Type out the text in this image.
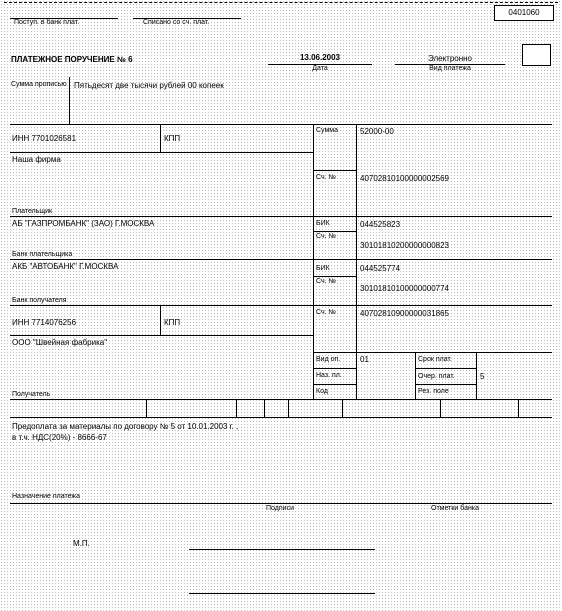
0401060
Поступ. в банк плат.	Списано со сч. плат.
ПЛАТЕЖНОЕ ПОРУЧЕНИЕ № 6	13.06.2003
Дата
Электронно
Вид платежа
Сумма прописью Пятьдесят две тысячи рублей 00 копеек
ИНН 7701026581	КПП
Наша фирма
Плательщик
АБ "ГАЗПРОМБАНК" (ЗАО) Г.МОСКВА
Банк плательщика
АКБ "АВТОБАНК" Г.МОСКВА
Банк получателя
ИНН 7714076256	КПП
ООО "Швейная фабрика"
Получатель
Сумма	52000-00
Сч. №	40702810100000002569
БИК	044525823
Сч. №
30101810200000000823
БИК	044525774
Сч. №
30101810100000000774
Сч. №	40702810900000031865
Вид оп. 01
Наз. пл.
Код
Срок плат.
Очер. плат.	5
Рез. поле
Предоплата за материалы по договору № 5 от 10.01.2003 г. ,
в т.ч. НДС(20%) - 8666-67
Назначение платежа
Подписи	Отметки банка
М.П.
